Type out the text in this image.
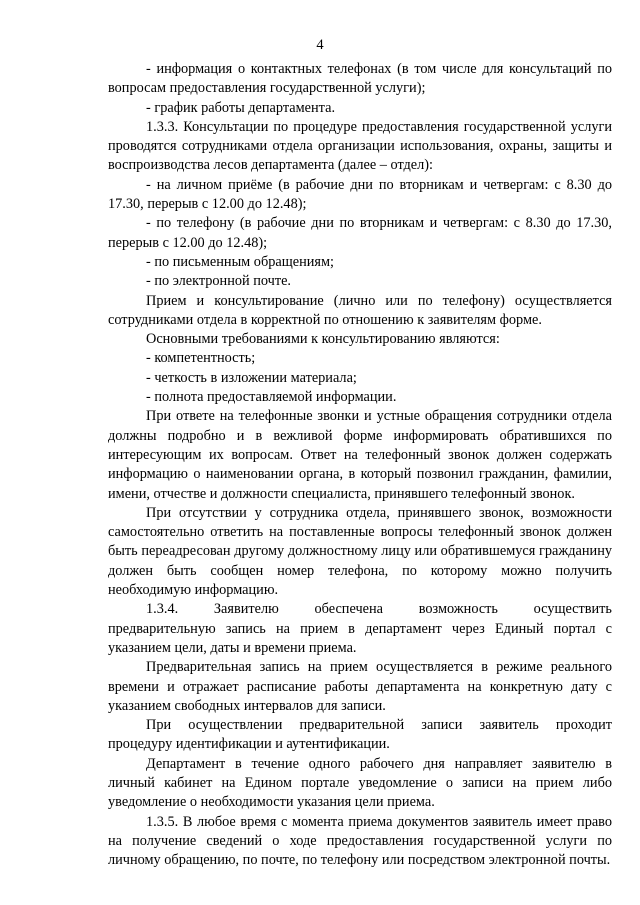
4

- информация о контактных телефонах (в том числе для консультаций по вопросам предоставления государственной услуги);

- график работы департамента.

1.3.3. Консультации по процедуре предоставления государственной услуги проводятся сотрудниками отдела организации использования, охраны, защиты и воспроизводства лесов департамента (далее – отдел):

- на личном приёме (в рабочие дни по вторникам и четвергам: с 8.30 до 17.30, перерыв с 12.00 до 12.48);

- по телефону (в рабочие дни по вторникам и четвергам: с 8.30 до 17.30, перерыв с 12.00 до 12.48);

- по письменным обращениям;

- по электронной почте.

Прием и консультирование (лично или по телефону) осуществляется сотрудниками отдела в корректной по отношению к заявителям форме.

Основными требованиями к консультированию являются:

- компетентность;

- четкость в изложении материала;

- полнота предоставляемой информации.

При ответе на телефонные звонки и устные обращения сотрудники отдела должны подробно и в вежливой форме информировать обратившихся по интересующим их вопросам. Ответ на телефонный звонок должен содержать информацию о наименовании органа, в который позвонил гражданин, фамилии, имени, отчестве и должности специалиста, принявшего телефонный звонок.

При отсутствии у сотрудника отдела, принявшего звонок, возможности самостоятельно ответить на поставленные вопросы телефонный звонок должен быть переадресован другому должностному лицу или обратившемуся гражданину должен быть сообщен номер телефона, по которому можно получить необходимую информацию.

1.3.4. Заявителю обеспечена возможность осуществить

предварительную запись на прием в департамент через Единый портал с указанием цели, даты и времени приема.

Предварительная запись на прием осуществляется в режиме реального времени и отражает расписание работы департамента на конкретную дату с указанием свободных интервалов для записи.

При осуществлении предварительной записи заявитель проходит процедуру идентификации и аутентификации.

Департамент в течение одного рабочего дня направляет заявителю в личный кабинет на Едином портале уведомление о записи на прием либо уведомление о необходимости указания цели приема.

1.3.5. В любое время с момента приема документов заявитель имеет право на получение сведений о ходе предоставления государственной услуги по личному обращению, по почте, по телефону или посредством электронной почты.
